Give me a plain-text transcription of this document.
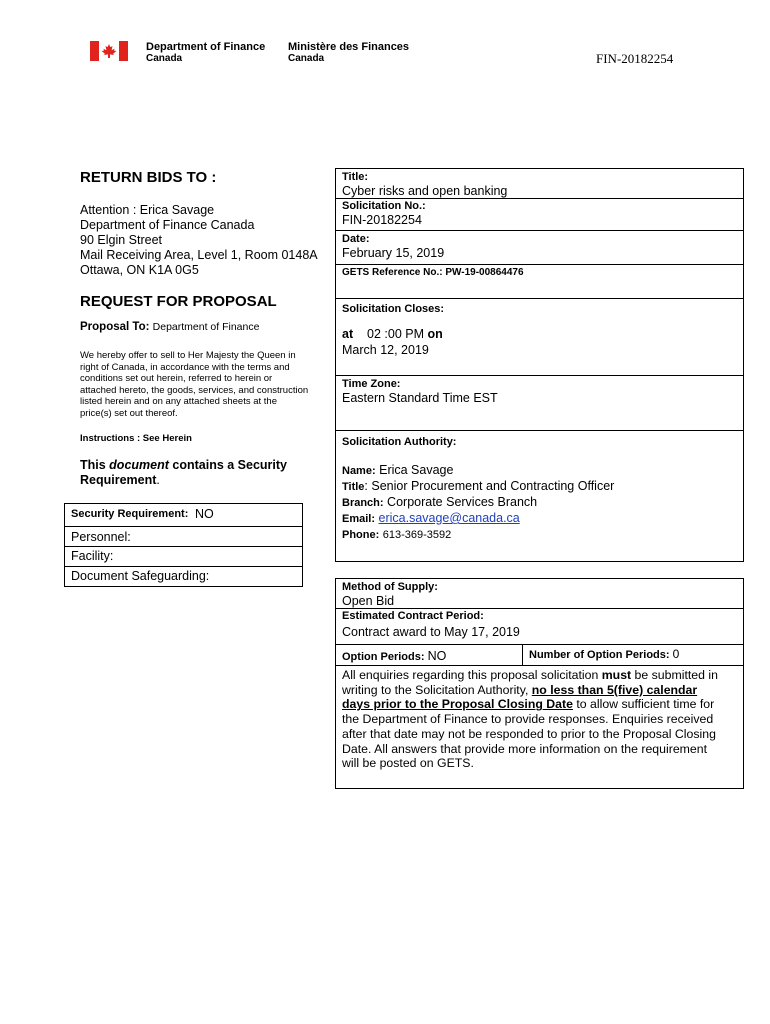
Department of Finance
Canada
Ministère des Finances
Canada	FIN-20182254
RETURN BIDS TO :
Attention : Erica Savage
Department of Finance Canada
90 Elgin Street
Mail Receiving Area, Level 1, Room 0148A
Ottawa, ON K1A 0G5
REQUEST FOR PROPOSAL
Proposal To: Department of Finance
We hereby offer to sell to Her Majesty the Queen in
right of Canada, in accordance with the terms and
conditions set out herein, referred to herein or
attached hereto, the goods, services, and construction
listed herein and on any attached sheets at the
price(s) set out thereof.
Instructions : See Herein
This document contains a Security
Requirement.
Security Requirement: NO
Personnel:
Facility:
Document Safeguarding:
Title:
Cyber risks and open banking
Solicitation No.:
FIN-20182254
Date:
February 15, 2019
GETS Reference No.: PW-19-00864476
Solicitation Closes:
at 02 :00 PM on
March 12, 2019
Time Zone:
Eastern Standard Time EST
Solicitation Authority:
Name: Erica Savage
Title: Senior Procurement and Contracting Officer
Branch: Corporate Services Branch
Email: erica.savage@canada.ca
Phone: 613-369-3592
Method of Supply:
Open Bid
Estimated Contract Period:
Contract award to May 17, 2019
Option Periods: NO	Number of Option Periods: 0
All enquiries regarding this proposal solicitation must be submitted in
writing to the Solicitation Authority, no less than 5(five) calendar
days prior to the Proposal Closing Date to allow sufficient time for
the Department of Finance to provide responses. Enquiries received
after that date may not be responded to prior to the Proposal Closing
Date. All answers that provide more information on the requirement
will be posted on GETS.
